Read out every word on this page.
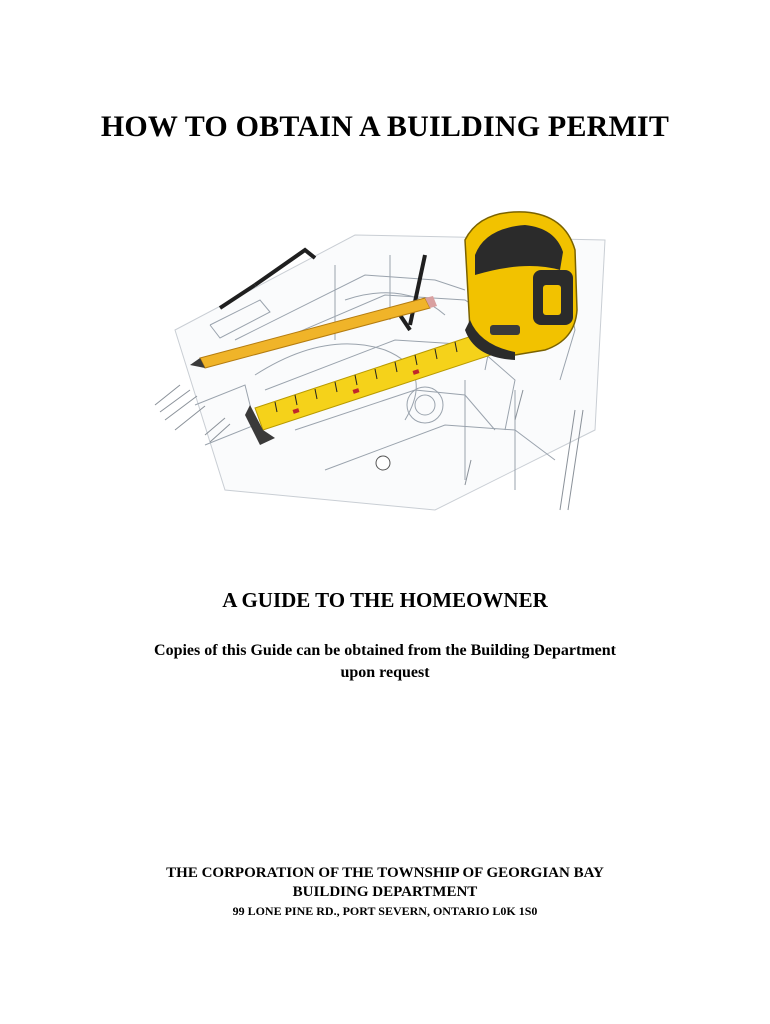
HOW TO OBTAIN A BUILDING PERMIT
A GUIDE TO THE HOMEOWNER
Copies of this Guide can be obtained from the Building Department
upon request
THE CORPORATION OF THE TOWNSHIP OF GEORGIAN BAY
BUILDING DEPARTMENT
99 LONE PINE RD., PORT SEVERN, ONTARIO L0K 1S0
